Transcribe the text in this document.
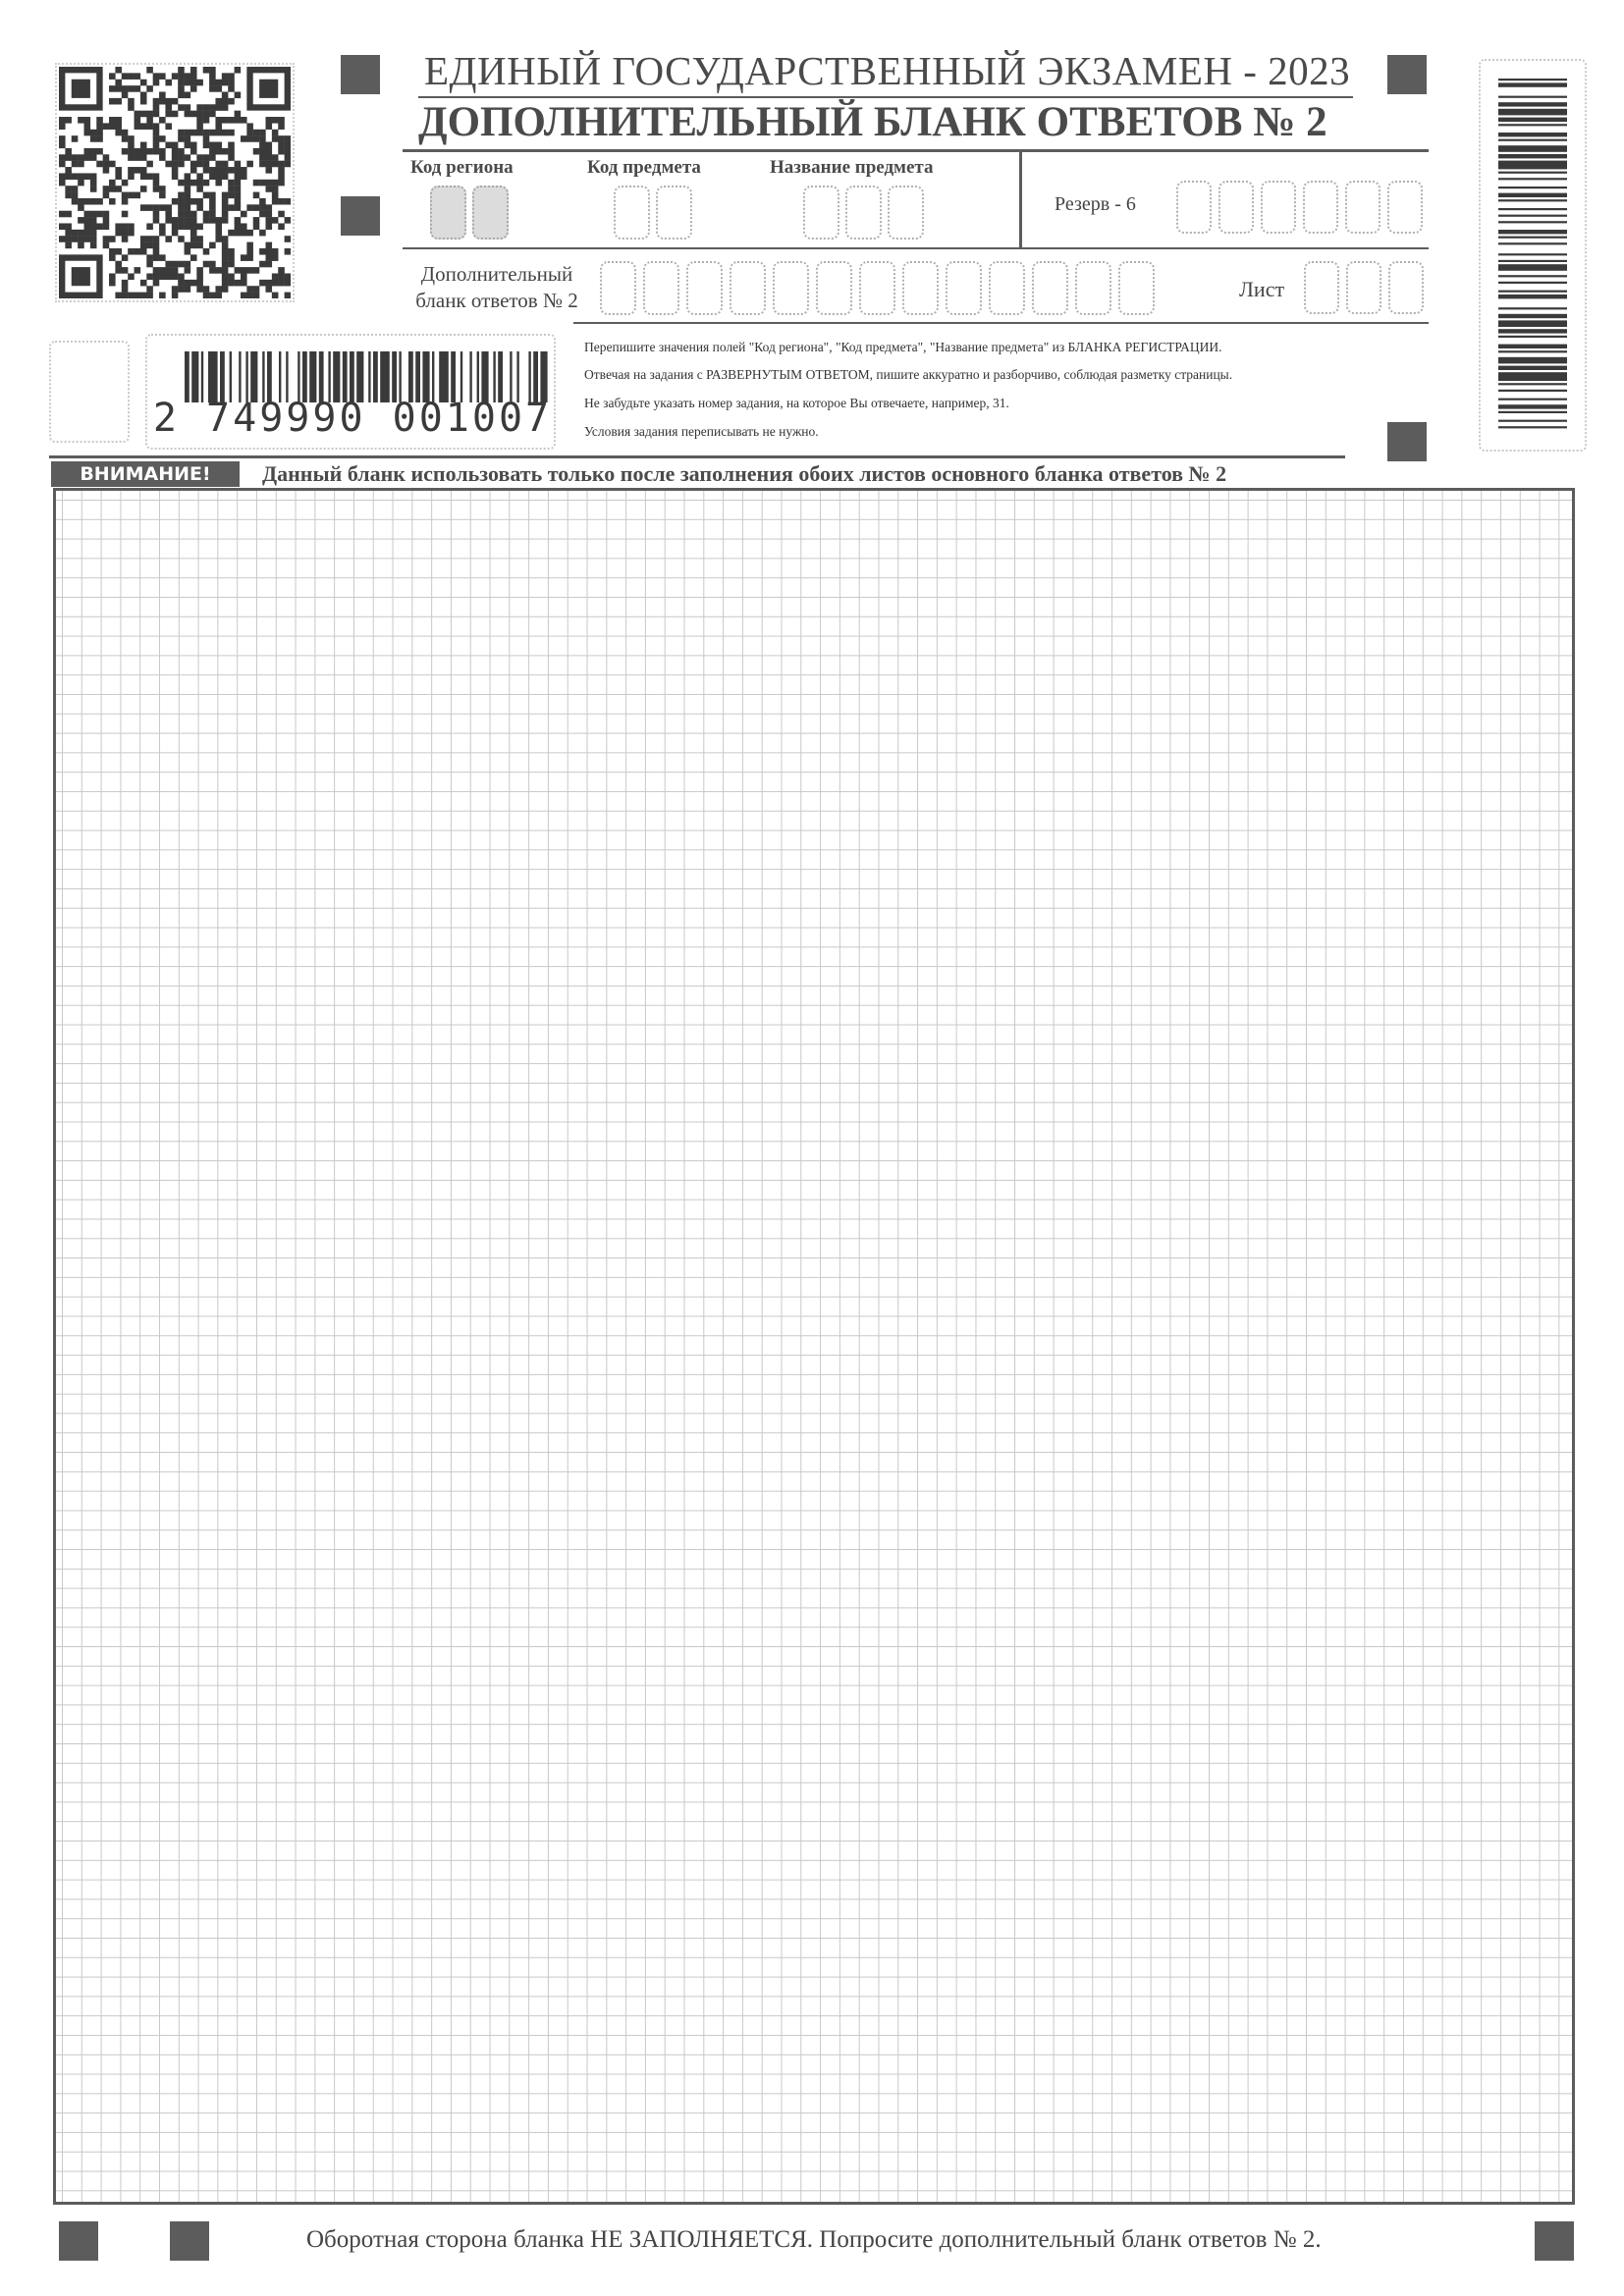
ЕДИНЫЙ ГОСУДАРСТВЕННЫЙ ЭКЗАМЕН - 2023
ДОПОЛНИТЕЛЬНЫЙ БЛАНК ОТВЕТОВ № 2
Код региона	Код предмета	Название предмета
Резерв - 6
Дополнительный
бланк ответов № 2	Лист
2 749990 001007
Перепишите значения полей "Код региона", "Код предмета", "Название предмета" из БЛАНКА РЕГИСТРАЦИИ.
Отвечая на задания с РАЗВЕРНУТЫМ ОТВЕТОМ, пишите аккуратно и разборчиво, соблюдая разметку страницы.
Не забудьте указать номер задания, на которое Вы отвечаете, например, 31.
Условия задания переписывать не нужно.
ВНИМАНИЕ!	Данный бланк использовать только после заполнения обоих листов основного бланка ответов № 2
Оборотная сторона бланка НЕ ЗАПОЛНЯЕТСЯ. Попросите дополнительный бланк ответов № 2.
